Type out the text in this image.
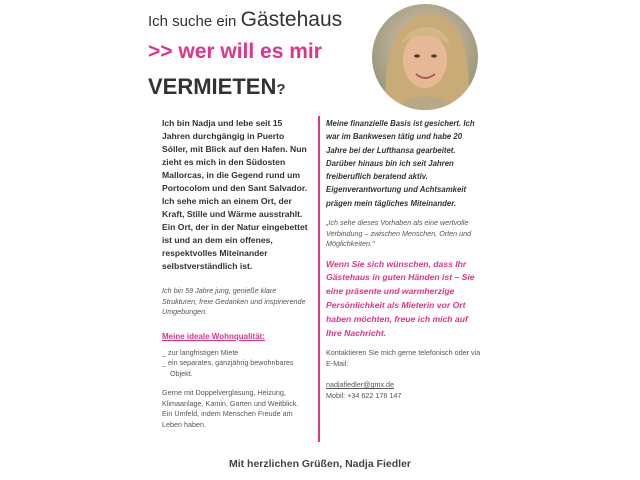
Ich suche ein Gästehaus
>> wer will es mir
VERMIETEN?

Ich bin Nadja und lebe seit 15 Jahren durchgängig in Puerto Sóller, mit Blick auf den Hafen. Nun zieht es mich in den Südosten Mallorcas, in die Gegend rund um Portocolom und den Sant Salvador. Ich sehe mich an einem Ort, der Kraft, Stille und Wärme ausstrahlt. Ein Ort, der in der Natur eingebettet ist und an dem ein offenes, respektvolles Miteinander selbstverständlich ist.

Ich bin 59 Jahre jung, genieße klare Strukturen, freie Gedanken und inspirierende Umgebungen.

Meine ideale Wohnqualität:
_ zur langfristigen Miete
_ ein separates, ganzjährig bewohnbares Objekt.

Gerne mit Doppelverglasung, Heizung, Klimaanlage, Kamin, Garten und Weitblick. Ein Umfeld, indem Menschen Freude am Leben haben.

Meine finanzielle Basis ist gesichert. Ich war im Bankwesen tätig und habe 20 Jahre bei der Lufthansa gearbeitet. Darüber hinaus bin ich seit Jahren freiberuflich beratend aktiv. Eigenverantwortung und Achtsamkeit prägen mein tägliches Miteinander.

„Ich sehe dieses Vorhaben als eine wertvolle Verbindung – zwischen Menschen, Orten und Möglichkeiten."

Wenn Sie sich wünschen, dass Ihr Gästehaus in guten Händen ist – Sie eine präsente und warmherzige Persönlichkeit als Mieterin vor Ort haben möchten, freue ich mich auf Ihre Nachricht.

Kontaktieren Sie mich gerne telefonisch oder via E-Mail:

nadjafiedler@gmx.de
Mobil: +34 622 178 147

Mit herzlichen Grüßen, Nadja Fiedler
